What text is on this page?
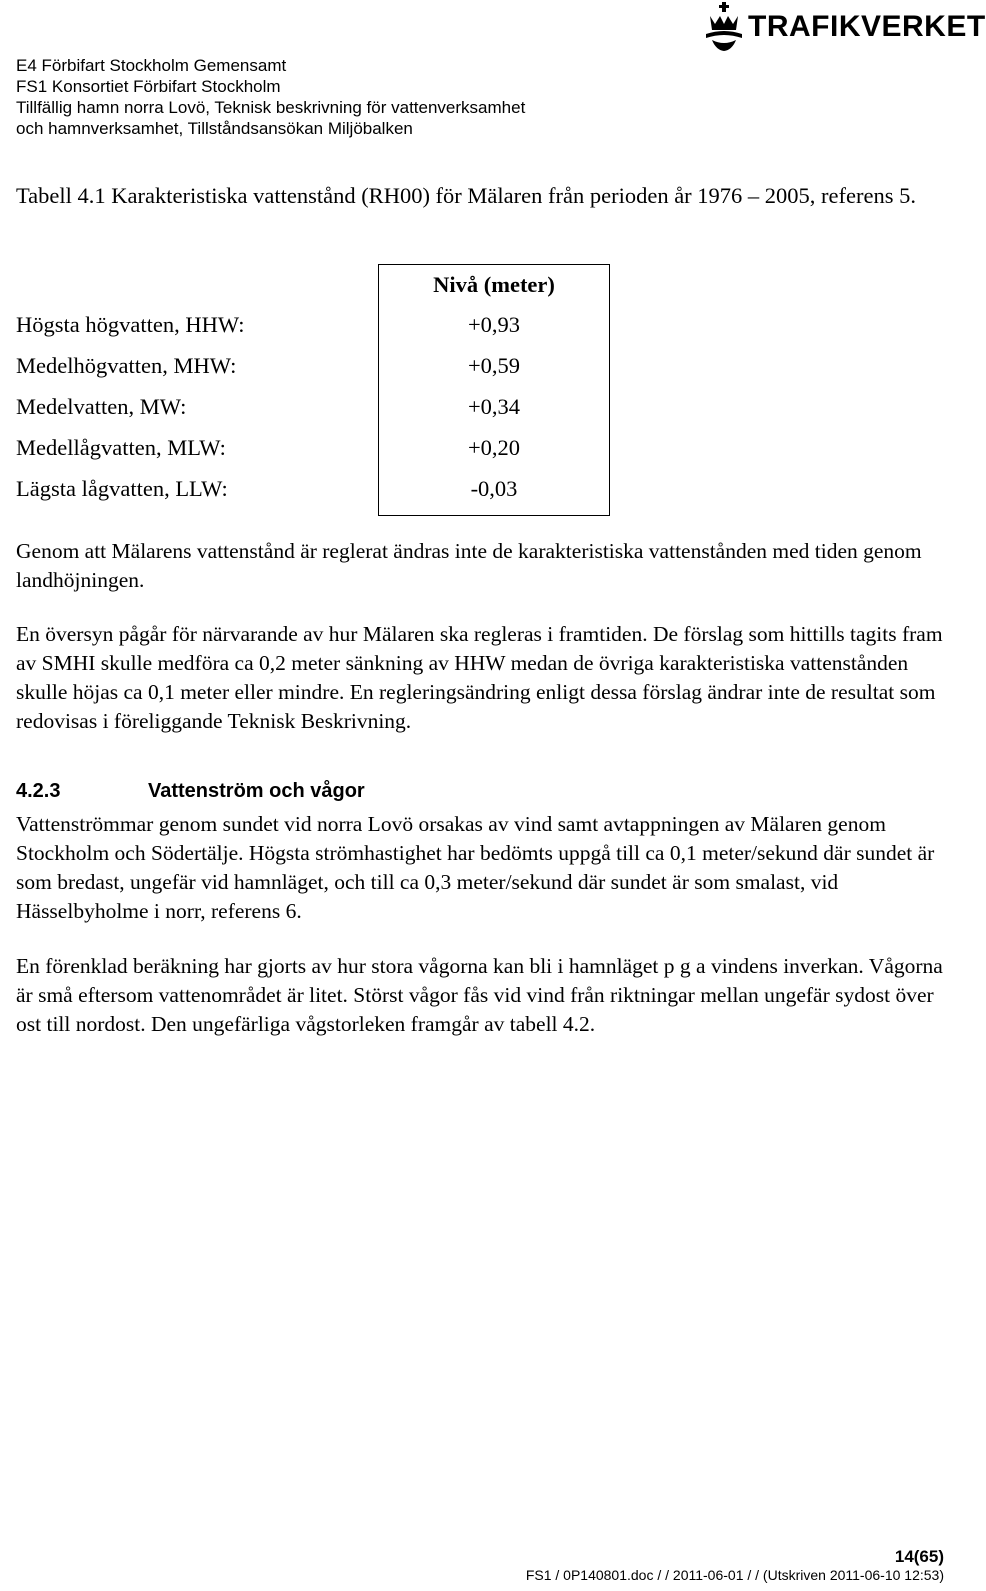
E4 Förbifart Stockholm Gemensamt
FS1 Konsortiet Förbifart Stockholm
Tillfällig hamn norra Lovö, Teknisk beskrivning för vattenverksamhet
och hamnverksamhet, Tillståndsansökan Miljöbalken
TRAFIKVERKET
Tabell 4.1 Karakteristiska vattenstånd (RH00) för Mälaren från perioden år 1976 – 2005, referens 5.
Nivå (meter)
Högsta högvatten, HHW:	+0,93
Medelhögvatten, MHW:	+0,59
Medelvatten, MW:	+0,34
Medellågvatten, MLW:	+0,20
Lägsta lågvatten, LLW:	-0,03
Genom att Mälarens vattenstånd är reglerat ändras inte de karakteristiska vattenstånden med tiden genom landhöjningen.
En översyn pågår för närvarande av hur Mälaren ska regleras i framtiden. De förslag som hittills tagits fram av SMHI skulle medföra ca 0,2 meter sänkning av HHW medan de övriga karakteristiska vattenstånden skulle höjas ca 0,1 meter eller mindre. En regleringsändring enligt dessa förslag ändrar inte de resultat som redovisas i föreliggande Teknisk Beskrivning.
4.2.3	Vattenström och vågor
Vattenströmmar genom sundet vid norra Lovö orsakas av vind samt avtappningen av Mälaren genom Stockholm och Södertälje. Högsta strömhastighet har bedömts uppgå till ca 0,1 meter/sekund där sundet är som bredast, ungefär vid hamnläget, och till ca 0,3 meter/sekund där sundet är som smalast, vid Hässelbyholme i norr, referens 6.
En förenklad beräkning har gjorts av hur stora vågorna kan bli i hamnläget p g a vindens inverkan. Vågorna är små eftersom vattenområdet är litet. Störst vågor fås vid vind från riktningar mellan ungefär sydost över ost till nordost. Den ungefärliga vågstorleken framgår av tabell 4.2.
14(65)
FS1 / 0P140801.doc / / 2011-06-01 / / (Utskriven 2011-06-10 12:53)
